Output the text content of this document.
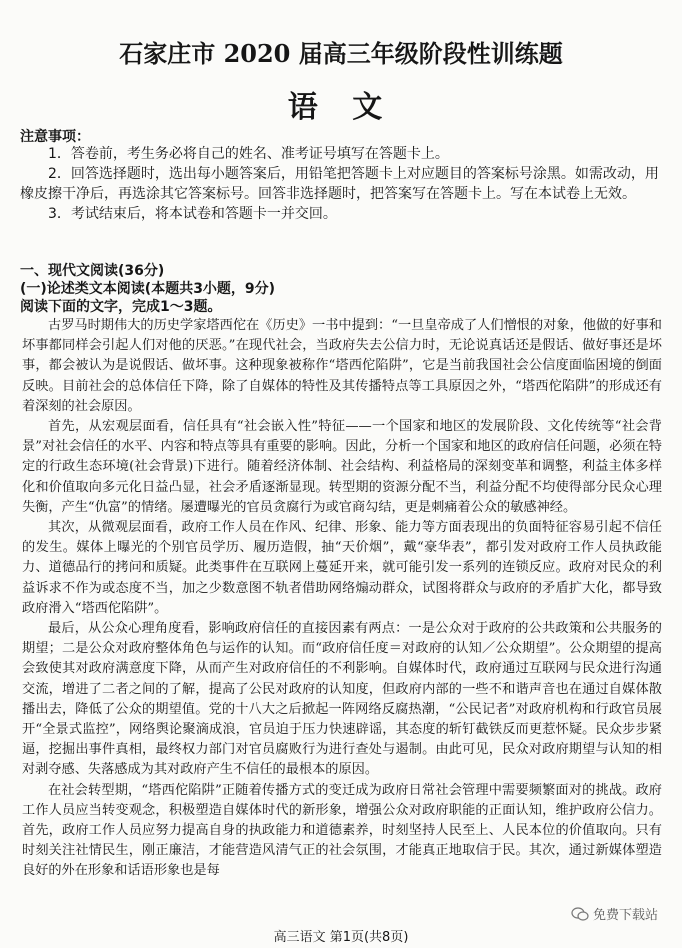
石家庄市 2020 届高三年级阶段性训练题
语 文
注意事项：

1．答卷前，考生务必将自己的姓名、准考证号填写在答题卡上。

2．回答选择题时，选出每小题答案后，用铅笔把答题卡上对应题目的答案标号涂黑。如需改动，用橡皮擦干净后，再选涂其它答案标号。回答非选择题时，把答案写在答题卡上。写在本试卷上无效。

3．考试结束后，将本试卷和答题卡一并交回。

一、现代文阅读(36分)
(一)论述类文本阅读(本题共3小题，9分)
阅读下面的文字，完成1～3题。

古罗马时期伟大的历史学家塔西佗在《历史》一书中提到：“一旦皇帝成了人们憎恨的对象，他做的好事和坏事都同样会引起人们对他的厌恶。”在现代社会，当政府失去公信力时，无论说真话还是假话、做好事还是坏事，都会被认为是说假话、做坏事。这种现象被称作“塔西佗陷阱”，它是当前我国社会公信度面临困境的倒面反映。目前社会的总体信任下降，除了自媒体的特性及其传播特点等工具原因之外，“塔西佗陷阱”的形成还有着深刻的社会原因。

首先，从宏观层面看，信任具有“社会嵌入性”特征——一个国家和地区的发展阶段、文化传统等“社会背景”对社会信任的水平、内容和特点等具有重要的影响。因此，分析一个国家和地区的政府信任问题，必须在特定的行政生态环境(社会背景)下进行。随着经济体制、社会结构、利益格局的深刻变革和调整，利益主体多样化和价值取向多元化日益凸显，社会矛盾逐渐显现。转型期的资源分配不当，利益分配不均使得部分民众心理失衡，产生“仇富”的情绪。屡遭曝光的官员贪腐行为或官商勾结，更是刺痛着公众的敏感神经。

其次，从微观层面看，政府工作人员在作风、纪律、形象、能力等方面表现出的负面特征容易引起不信任的发生。媒体上曝光的个别官员学历、履历造假，抽“天价烟”，戴“豪华表”，都引发对政府工作人员执政能力、道德品行的拷问和质疑。此类事件在互联网上蔓延开来，就可能引发一系列的连锁反应。政府对民众的利益诉求不作为或态度不当，加之少数意图不轨者借助网络煽动群众，试图将群众与政府的矛盾扩大化，都导致政府滑入“塔西佗陷阱”。

最后，从公众心理角度看，影响政府信任的直接因素有两点：一是公众对于政府的公共政策和公共服务的期望；二是公众对政府整体角色与运作的认知。而“政府信任度＝对政府的认知／公众期望”。公众期望的提高会致使其对政府满意度下降，从而产生对政府信任的不利影响。自媒体时代，政府通过互联网与民众进行沟通交流，增进了二者之间的了解，提高了公民对政府的认知度，但政府内部的一些不和谐声音也在通过自媒体散播出去，降低了公众的期望值。党的十八大之后掀起一阵网络反腐热潮，“公民记者”对政府机构和行政官员展开“全景式监控”，网络舆论聚滴成浪，官员迫于压力快速辟谣，其态度的斩钉截铁反而更惹怀疑。民众步步紧逼，挖掘出事件真相，最终权力部门对官员腐败行为进行查处与遏制。由此可见，民众对政府期望与认知的相对剥夺感、失落感成为其对政府产生不信任的最根本的原因。

在社会转型期，“塔西佗陷阱”正随着传播方式的变迁成为政府日常社会管理中需要频繁面对的挑战。政府工作人员应当转变观念，积极塑造自媒体时代的新形象，增强公众对政府职能的正面认知，维护政府公信力。首先，政府工作人员应努力提高自身的执政能力和道德素养，时刻坚持人民至上、人民本位的价值取向。只有时刻关注社情民生，刚正廉洁，才能营造风清气正的社会氛围，才能真正地取信于民。其次，通过新媒体塑造良好的外在形象和话语形象也是每

免费下载站
高三语文 第1页(共8页)
